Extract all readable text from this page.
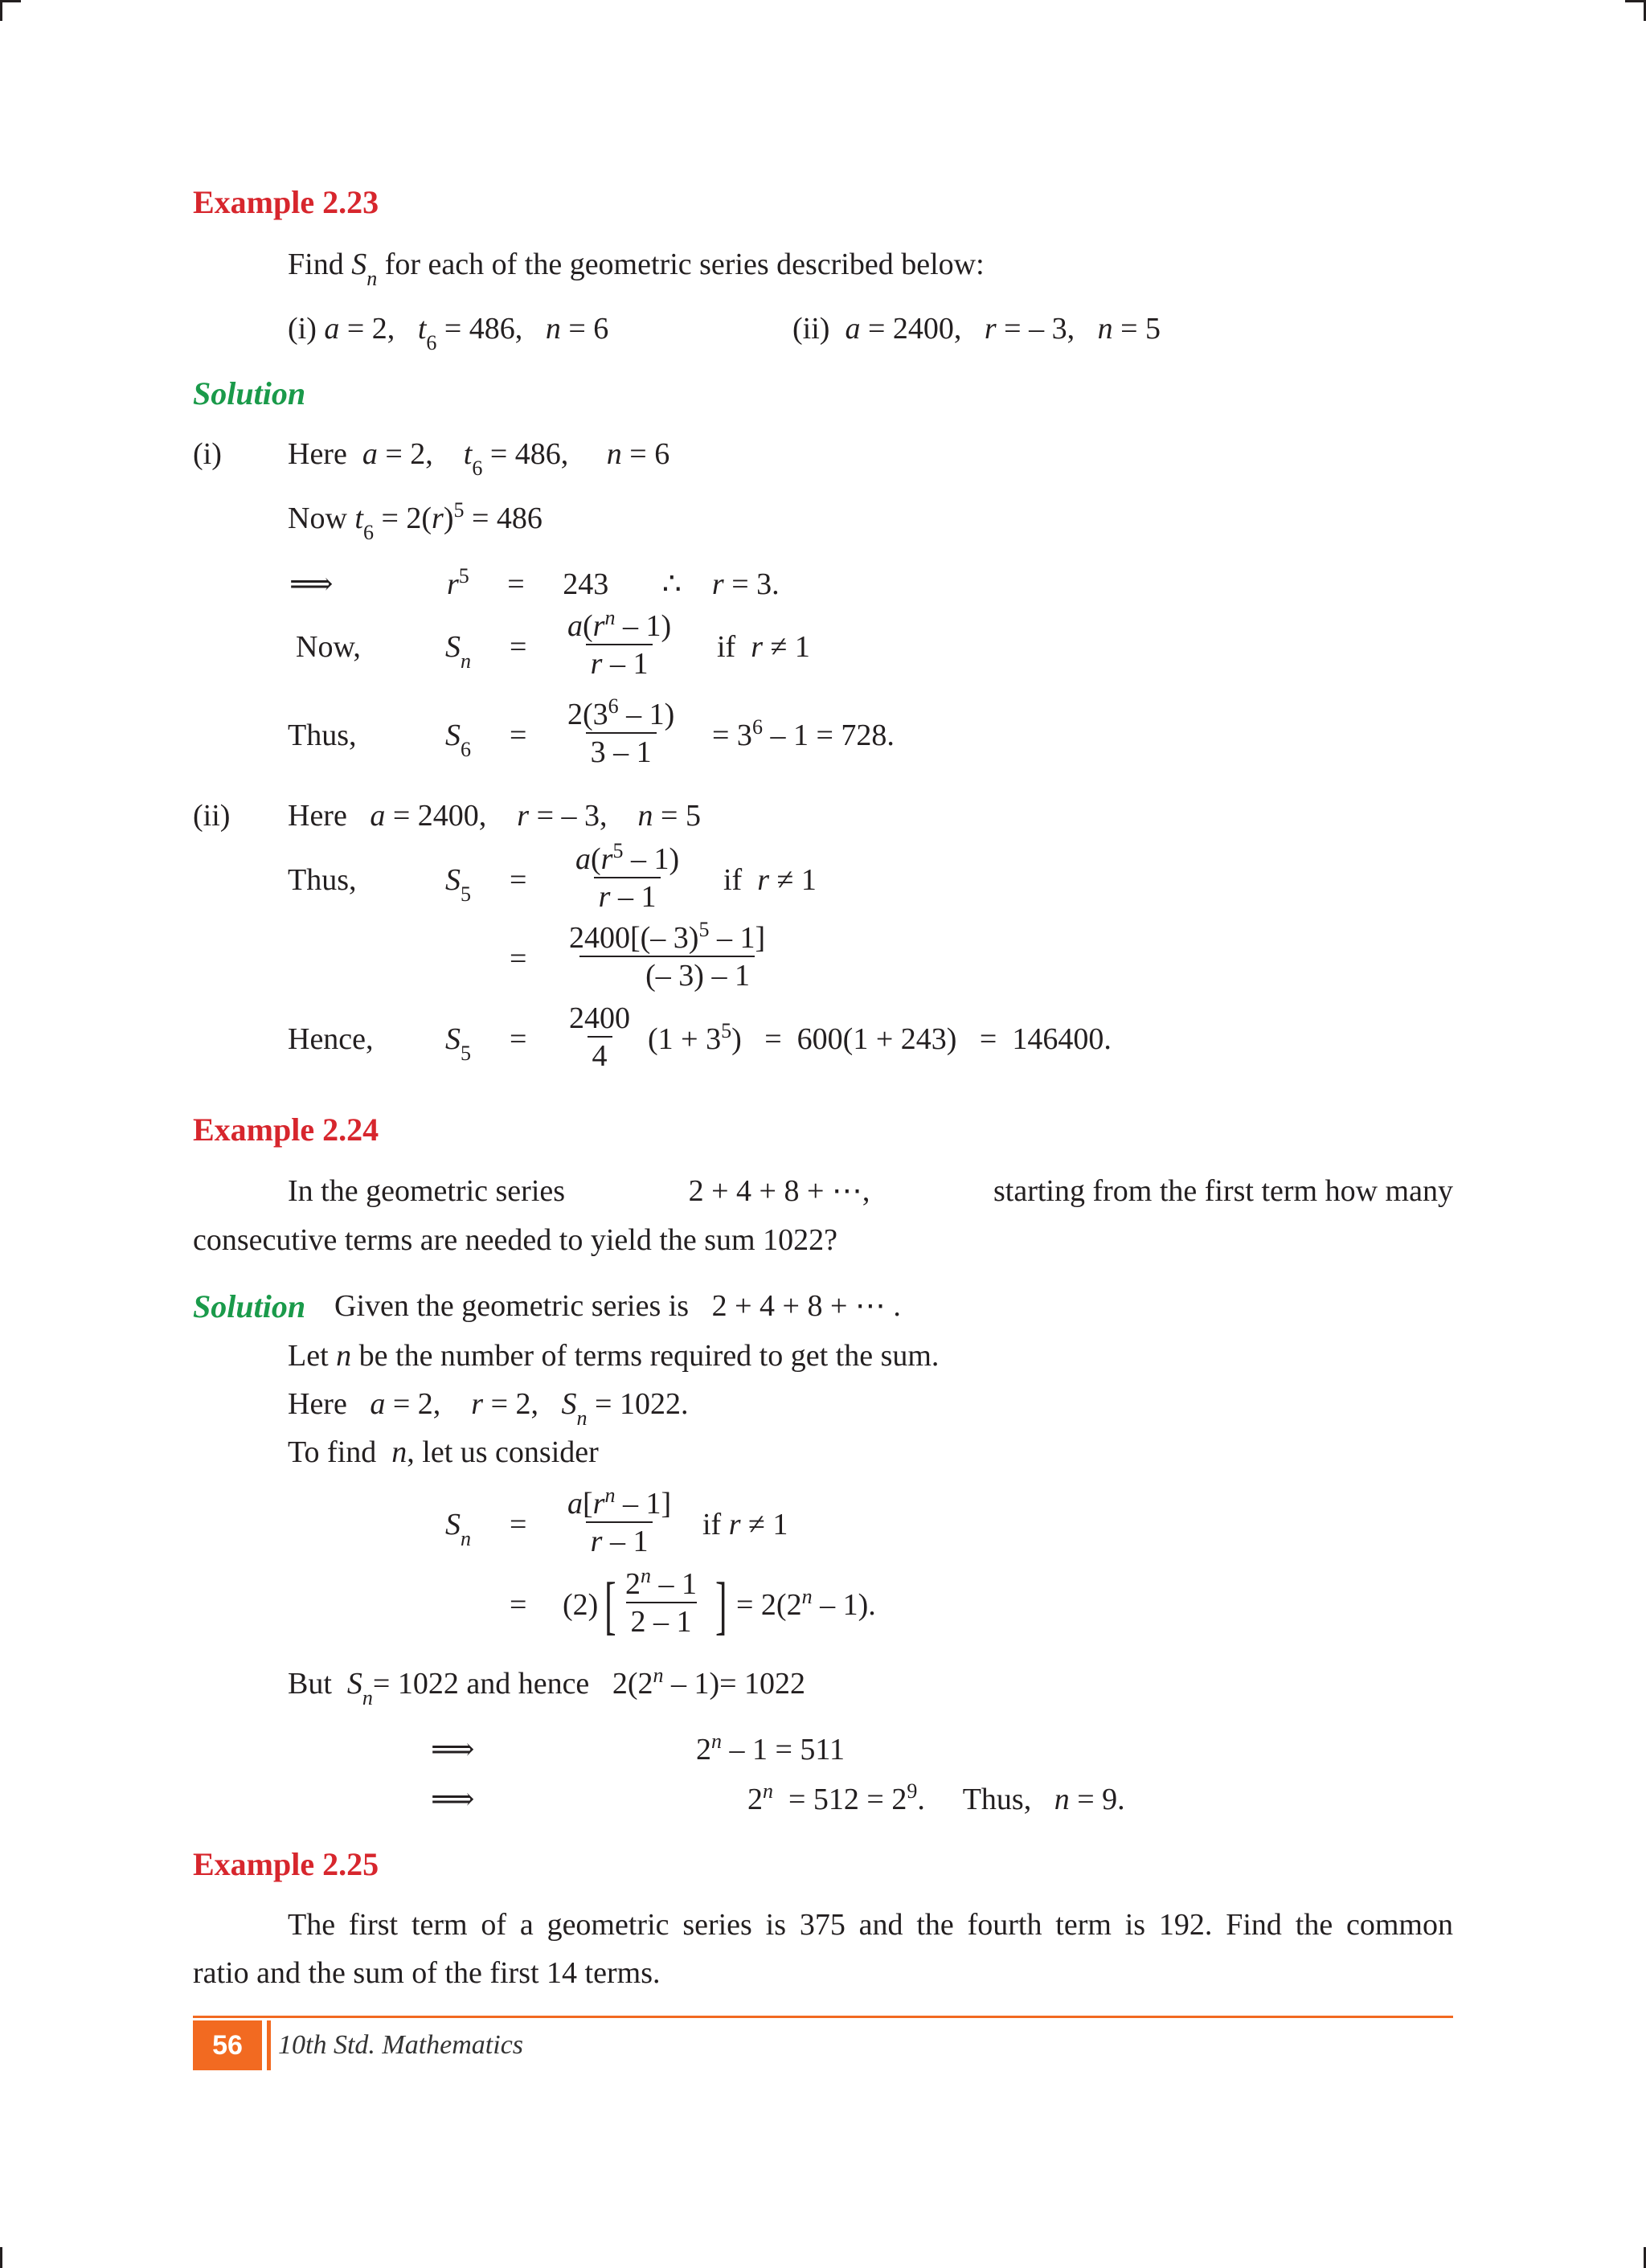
Example 2.23
Find $S_n$ for each of the geometric series described below:
(i) a = 2,   $t_6 = 486$,   n = 6	(ii) a = 2400,   r = – 3,   n = 5
Solution
(i) Here a = 2,    $t_6 = 486$,     n = 6
Now $t_6 = 2(r)^5 = 486$
⟹	$r^5$     =     243       ∴    r = 3.
Now,	$S_n = \frac{a(r^n - 1)}{r - 1}$ if r ≠ 1
Thus,	$S_6 = \frac{2(3^6 - 1)}{3 - 1} = 3^6 - 1 = 728$.
(ii) Here a = 2400,    r = – 3,    n = 5
Thus,	$S_5 = \frac{a(r^5 - 1)}{r - 1}$ if r ≠ 1
= $\frac{2400[(- 3)^5 - 1]}{(- 3) - 1}$
Hence, $S_5 = \frac{2400}{4} (1 + 3^5) = 600(1 + 243) = 146400$.
Example 2.24
In the geometric series	2 + 4 + 8 + ⋯,	starting from the first term how many
consecutive terms are needed to yield the sum 1022?
Solution Given the geometric series is 2 + 4 + 8 + ⋯ .
Let n be the number of terms required to get the sum.
Here a = 2,    r = 2,   $S_n = 1022$.
To find n, let us consider
$S_n = \frac{a[r^n - 1]}{r - 1}$ if r ≠ 1
= (2) [ $\frac{2^n - 1}{2 - 1}$ ] = $2(2^n - 1)$.
But $S_n= 1022$ and hence   2(2$^n$ – 1)= 1022
⟹	2$^n$ – 1 = 511
⟹	$2^n = 512 = 2^9$.     Thus, n = 9.
Example 2.25
The first term of a geometric series is 375 and the fourth term is 192. Find the common
ratio and the sum of the first 14 terms.
56 10th Std. Mathematics
